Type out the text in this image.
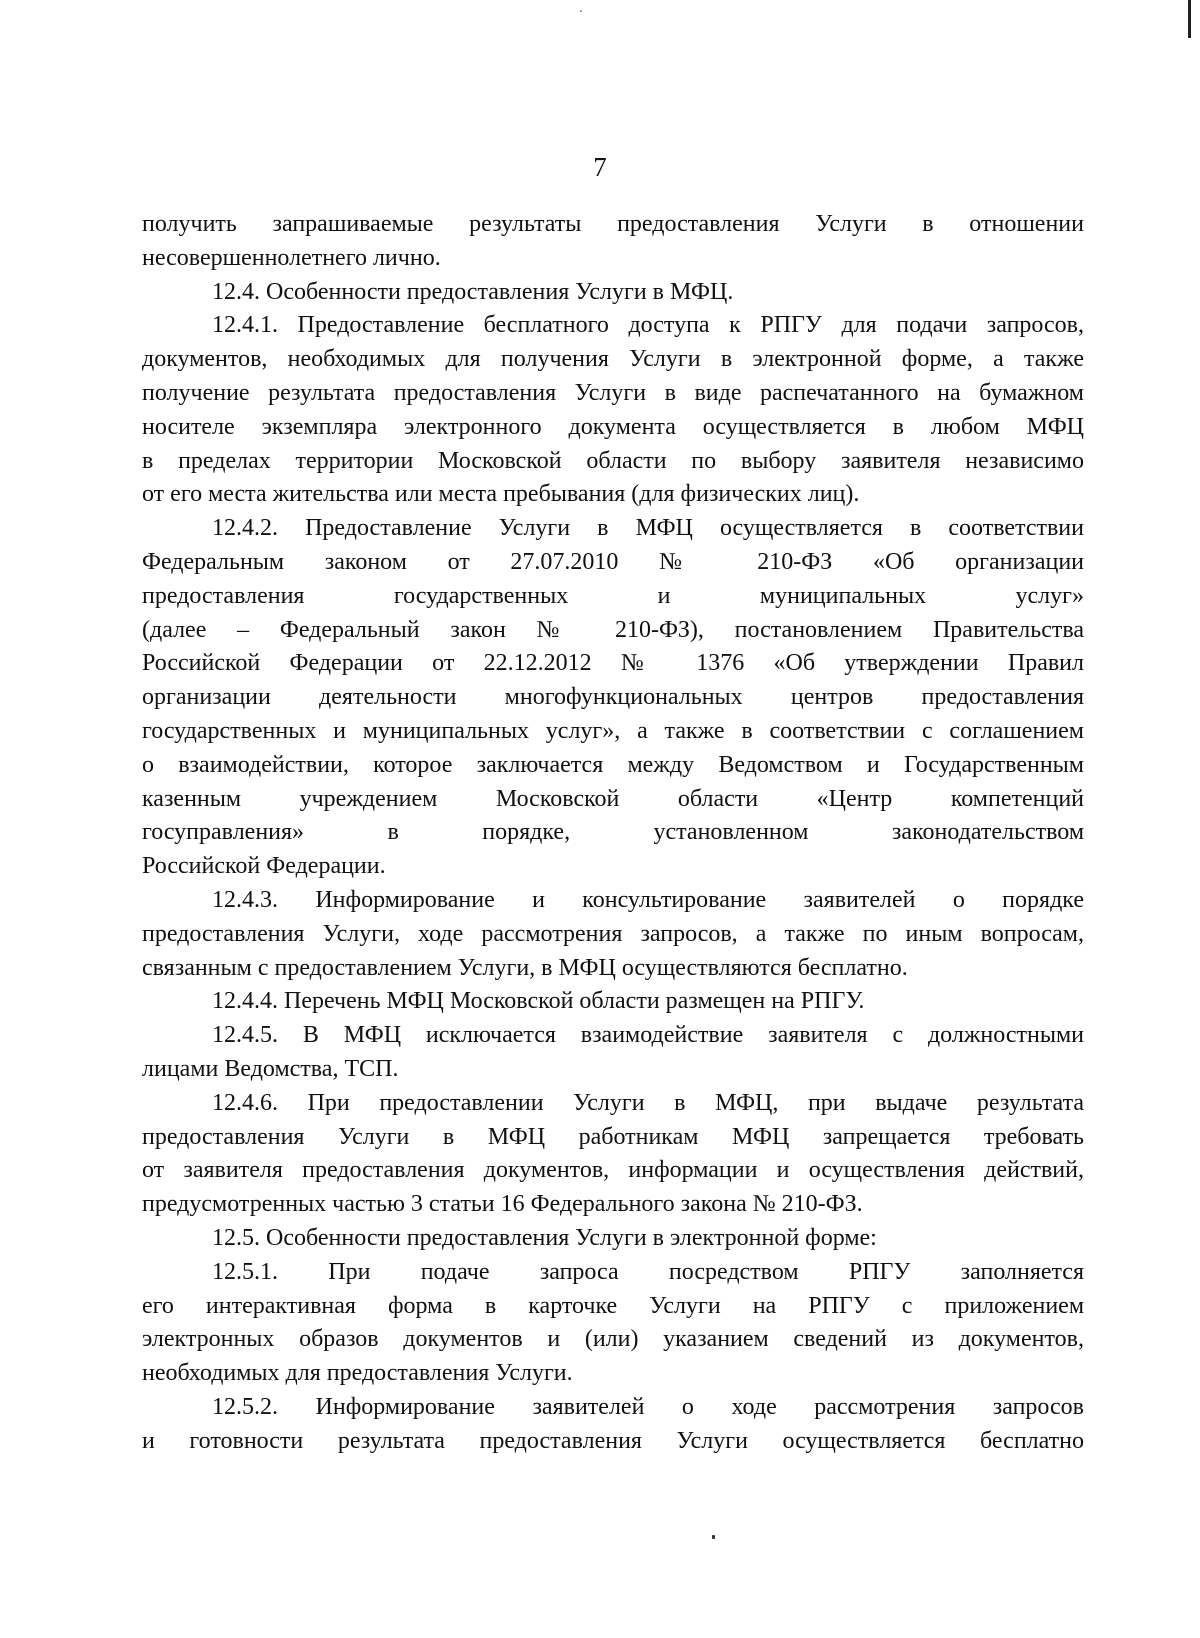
7
получить запрашиваемые результаты предоставления Услуги в отношении
несовершеннолетнего лично.
12.4. Особенности предоставления Услуги в МФЦ.
12.4.1. Предоставление бесплатного доступа к РПГУ для подачи запросов,
документов, необходимых для получения Услуги в электронной форме, а также
получение результата предоставления Услуги в виде распечатанного на бумажном
носителе экземпляра электронного документа осуществляется в любом МФЦ
в пределах территории Московской области по выбору заявителя независимо
от его места жительства или места пребывания (для физических лиц).
12.4.2. Предоставление Услуги в МФЦ осуществляется в соответствии
Федеральным законом от 27.07.2010 № 210-ФЗ «Об организации
предоставления государственных и муниципальных услуг»
(далее – Федеральный закон № 210-ФЗ), постановлением Правительства
Российской Федерации от 22.12.2012 № 1376 «Об утверждении Правил
организации деятельности многофункциональных центров предоставления
государственных и муниципальных услуг», а также в соответствии с соглашением
о взаимодействии, которое заключается между Ведомством и Государственным
казенным учреждением Московской области «Центр компетенций
госуправления» в порядке, установленном законодательством
Российской Федерации.
12.4.3. Информирование и консультирование заявителей о порядке
предоставления Услуги, ходе рассмотрения запросов, а также по иным вопросам,
связанным с предоставлением Услуги, в МФЦ осуществляются бесплатно.
12.4.4. Перечень МФЦ Московской области размещен на РПГУ.
12.4.5. В МФЦ исключается взаимодействие заявителя с должностными
лицами Ведомства, ТСП.
12.4.6. При предоставлении Услуги в МФЦ, при выдаче результата
предоставления Услуги в МФЦ работникам МФЦ запрещается требовать
от заявителя предоставления документов, информации и осуществления действий,
предусмотренных частью 3 статьи 16 Федерального закона № 210-ФЗ.
12.5. Особенности предоставления Услуги в электронной форме:
12.5.1. При подаче запроса посредством РПГУ заполняется
его интерактивная форма в карточке Услуги на РПГУ с приложением
электронных образов документов и (или) указанием сведений из документов,
необходимых для предоставления Услуги.
12.5.2. Информирование заявителей о ходе рассмотрения запросов
и готовности результата предоставления Услуги осуществляется бесплатно
